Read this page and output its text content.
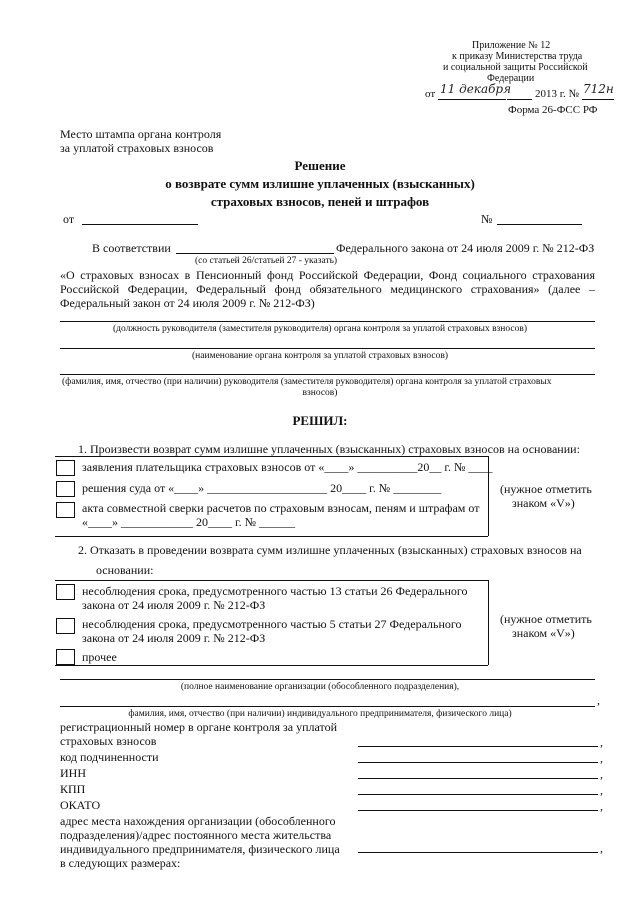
Приложение № 12
к приказу Министерства труда
и социальной защиты Российской
Федерации
от 11 декабря 2013 г. № 712н
Форма 26-ФСС РФ
Место штампа органа контроля
за уплатой страховых взносов
Решение
о возврате сумм излишне уплаченных (взысканных)
страховых взносов, пеней и штрафов
от	№
В соответствии	Федерального закона от 24 июля 2009 г. № 212-ФЗ
(со статьей 26/статьей 27 - указать)
«О страховых взносах в Пенсионный фонд Российской Федерации, Фонд социального страхования Российской Федерации, Федеральный фонд обязательного медицинского страхования» (далее – Федеральный закон от 24 июля 2009 г. № 212-ФЗ)
(должность руководителя (заместителя руководителя) органа контроля за уплатой страховых взносов)
(наименование органа контроля за уплатой страховых взносов)
(фамилия, имя, отчество (при наличии) руководителя (заместителя руководителя) органа контроля за уплатой страховых
взносов)
РЕШИЛ:
1. Произвести возврат сумм излишне уплаченных (взысканных) страховых взносов на основании:
заявления плательщика страховых взносов от «____» __________20__ г. № ____
решения суда от «____» ____________________ 20____ г. № ________
акта совместной сверки расчетов по страховым взносам, пеням и штрафам от
«____» ____________ 20____ г. № ______
(нужное отметить
знаком «V»)
2. Отказать в проведении возврата сумм излишне уплаченных (взысканных) страховых взносов на
основании:
несоблюдения срока, предусмотренного частью 13 статьи 26 Федерального
закона от 24 июля 2009 г. № 212-ФЗ
несоблюдения срока, предусмотренного частью 5 статьи 27 Федерального
закона от 24 июля 2009 г. № 212-ФЗ
прочее
(нужное отметить
знаком «V»)
(полное наименование организации (обособленного подразделения),
,
фамилия, имя, отчество (при наличии) индивидуального предпринимателя, физического лица)
регистрационный номер в органе контроля за уплатой
страховых взносов	,
код подчиненности	,
ИНН	,
КПП	,
ОКАТО	,
адрес места нахождения организации (обособленного
подразделения)/адрес постоянного места жительства
индивидуального предпринимателя, физического лица	,
в следующих размерах:
